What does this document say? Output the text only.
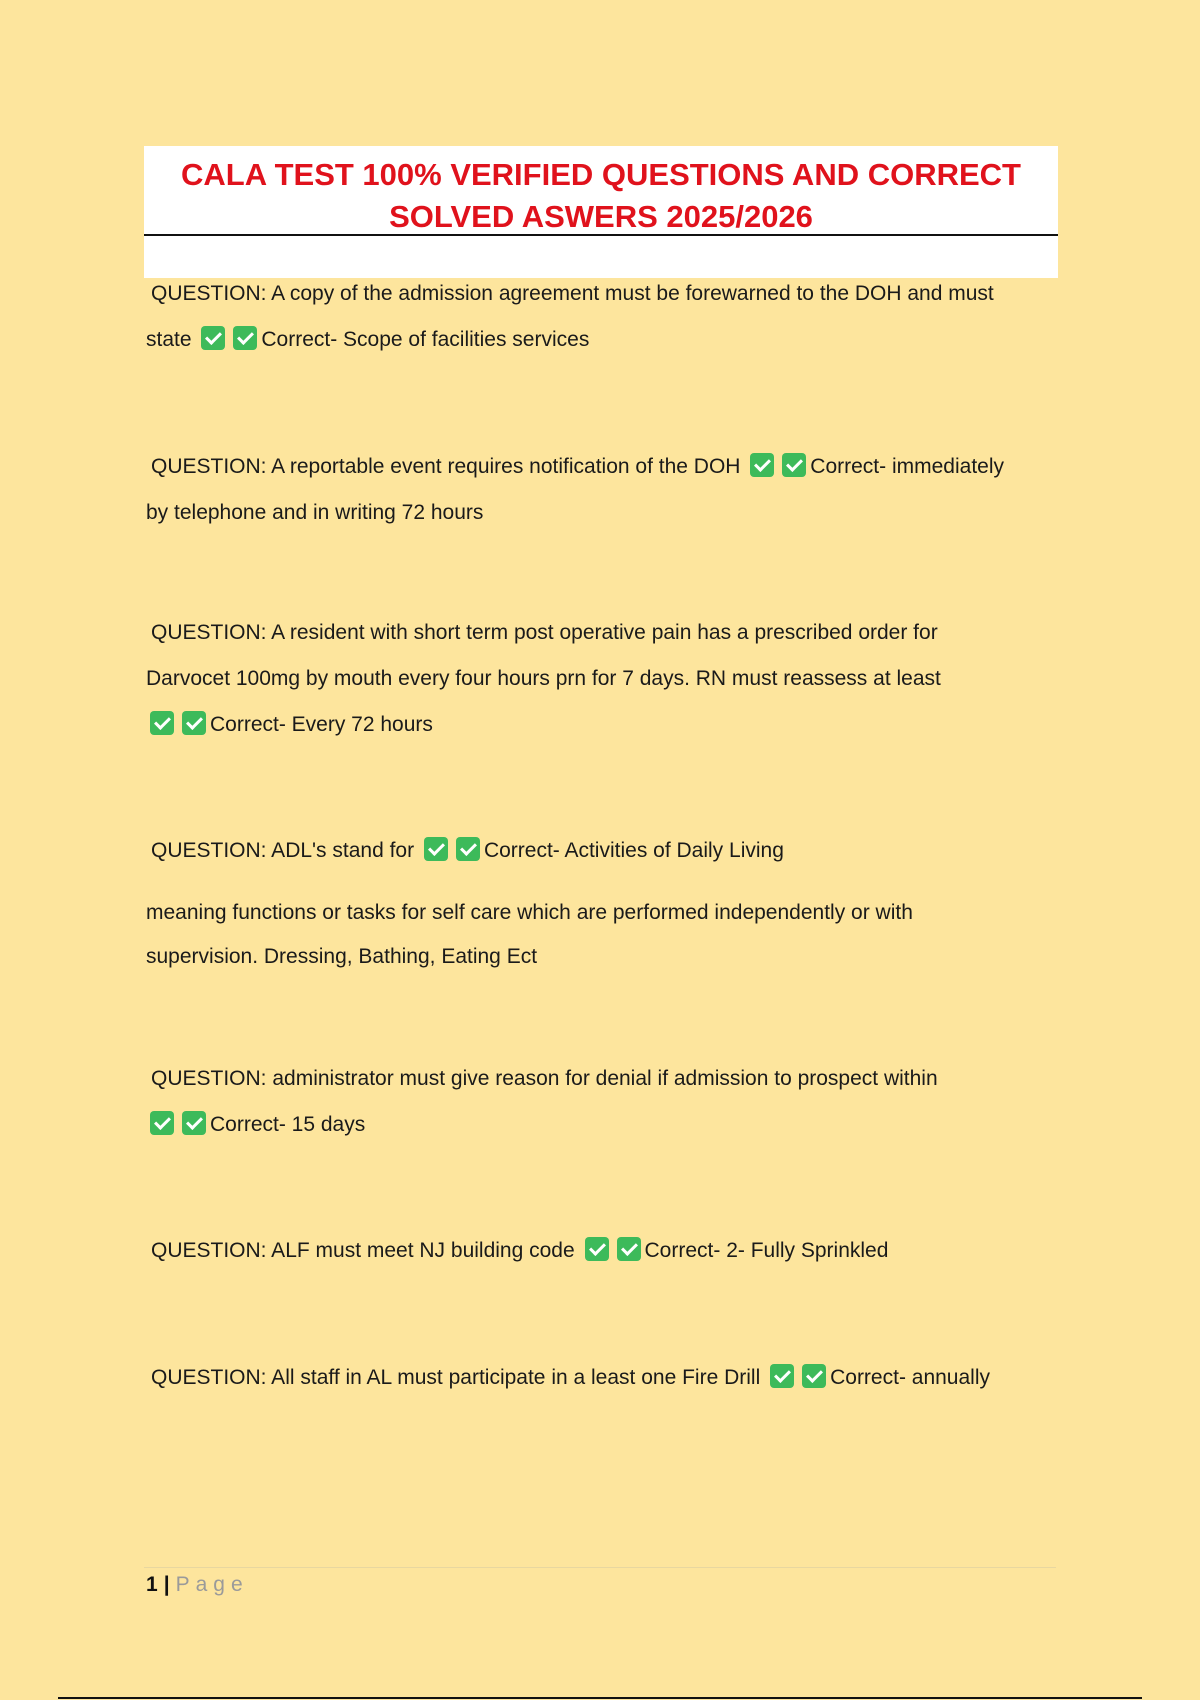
CALA TEST 100% VERIFIED QUESTIONS AND CORRECT
SOLVED ASWERS 2025/2026

QUESTION: A copy of the admission agreement must be forewarned to the DOH and must

state	Correct- Scope of facilities services

QUESTION: A reportable event requires notification of the DOH	Correct- immediately

by telephone and in writing 72 hours

QUESTION: A resident with short term post operative pain has a prescribed order for

Darvocet 100mg by mouth every four hours prn for 7 days. RN must reassess at least

Correct- Every 72 hours

QUESTION: ADL's stand for	Correct- Activities of Daily Living

meaning functions or tasks for self care which are performed independently or with

supervision. Dressing, Bathing, Eating Ect

QUESTION: administrator must give reason for denial if admission to prospect within

Correct- 15 days

QUESTION: ALF must meet NJ building code	Correct- 2- Fully Sprinkled

QUESTION: All staff in AL must participate in a least one Fire Drill	Correct- annually

1 | Page
